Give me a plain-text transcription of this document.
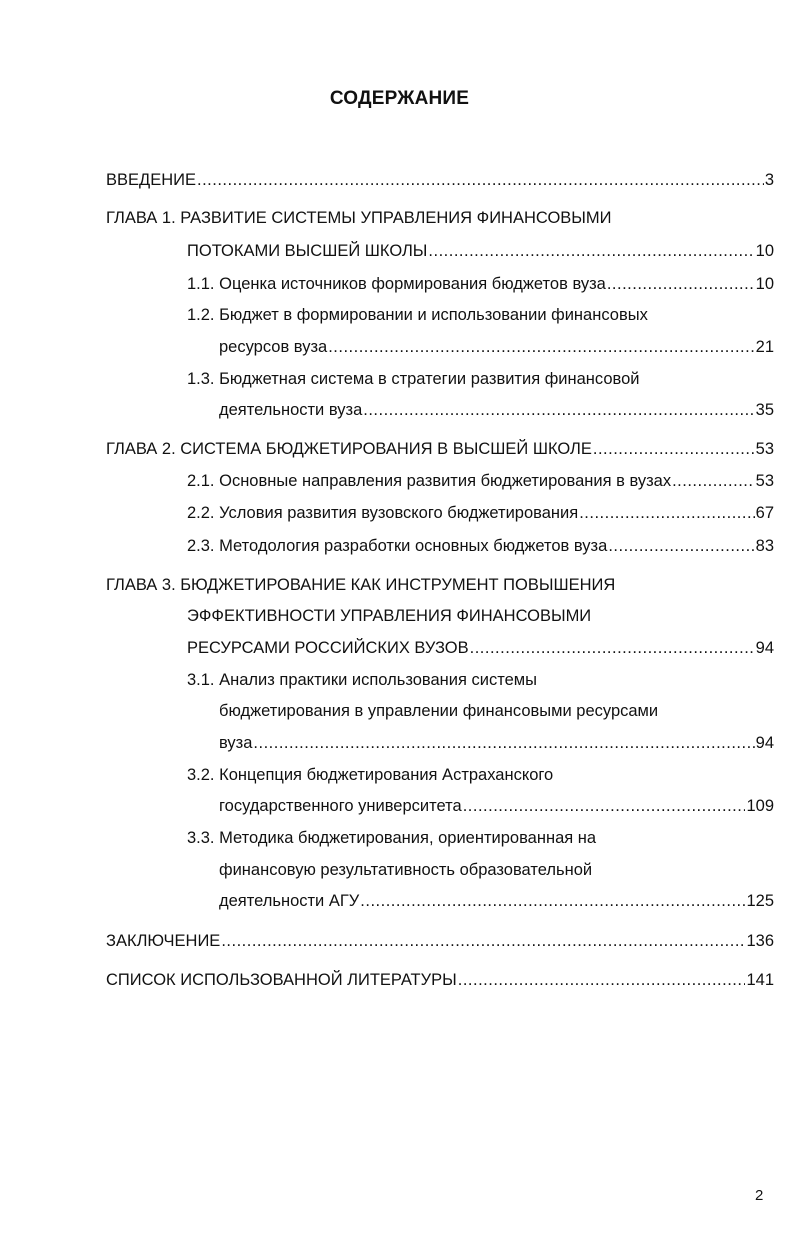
СОДЕРЖАНИЕ
ВВЕДЕНИЕ .....	3
ГЛАВА 1. РАЗВИТИЕ СИСТЕМЫ УПРАВЛЕНИЯ ФИНАНСОВЫМИ
ПОТОКАМИ ВЫСШЕЙ ШКОЛЫ .....	10
1.1. Оценка источников формирования бюджетов вуза .....	10
1.2. Бюджет в формировании и использовании финансовых
ресурсов вуза .....	21
1.3. Бюджетная система в стратегии развития финансовой
деятельности вуза .....	35
ГЛАВА 2. СИСТЕМА БЮДЖЕТИРОВАНИЯ В ВЫСШЕЙ ШКОЛЕ .....	53
2.1. Основные направления развития бюджетирования в вузах .....	53
2.2. Условия развития вузовского бюджетирования .....	67
2.3. Методология разработки основных бюджетов вуза .....	83
ГЛАВА 3. БЮДЖЕТИРОВАНИЕ КАК ИНСТРУМЕНТ ПОВЫШЕНИЯ
ЭФФЕКТИВНОСТИ УПРАВЛЕНИЯ ФИНАНСОВЫМИ
РЕСУРСАМИ РОССИЙСКИХ ВУЗОВ .....	94
3.1. Анализ практики использования системы
бюджетирования в управлении финансовыми ресурсами
вуза .....	94
3.2. Концепция бюджетирования Астраханского
государственного университета .....	109
3.3. Методика бюджетирования, ориентированная на
финансовую результативность образовательной
деятельности АГУ .....	125
ЗАКЛЮЧЕНИЕ .....	136
СПИСОК ИСПОЛЬЗОВАННОЙ ЛИТЕРАТУРЫ .....	141
2
